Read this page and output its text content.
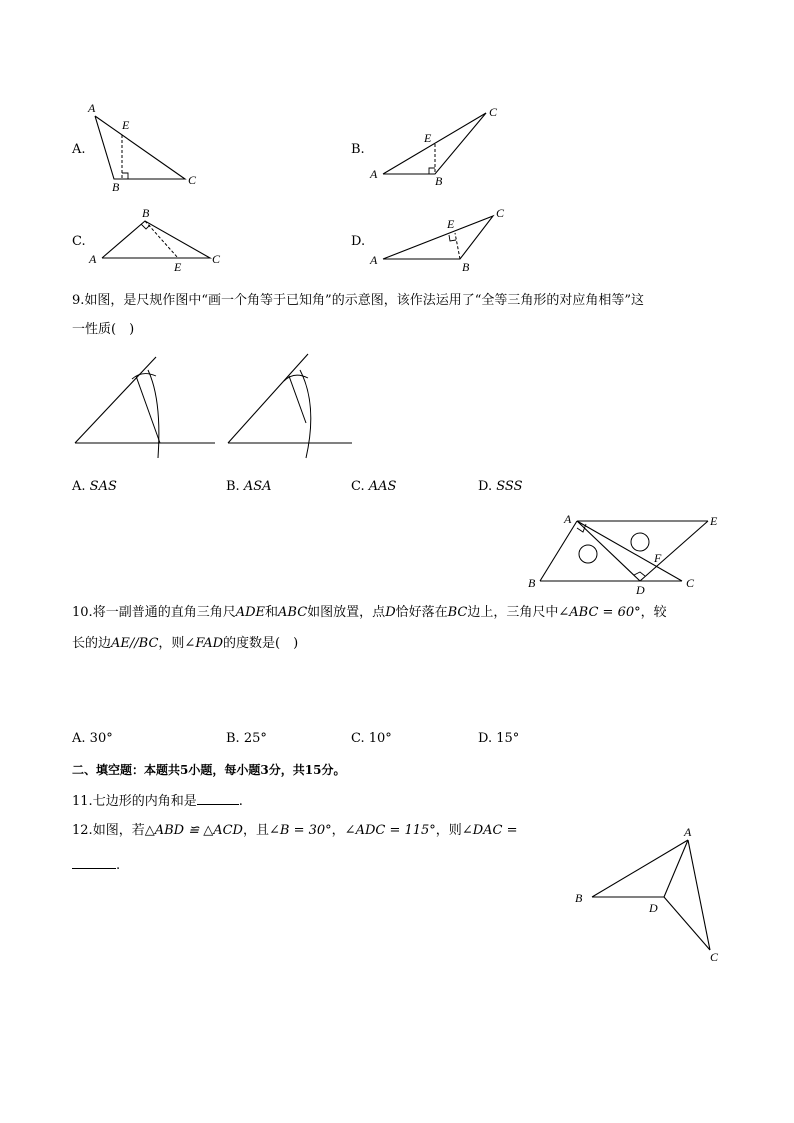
A.
A
E
B	C
B.
A
E
B
C
C.
A
B
E
C
D.
A
E
B
C
9.如图，是尺规作图中“画一个角等于已知角”的示意图，该作法运用了“全等三角形的对应角相等”这
一性质(　)
A. SAS	B. ASA	C. AAS	D. SSS
A	E
F
B	D	C
10.将一副普通的直角三角尺ADE和ABC如图放置，点D恰好落在BC边上，三角尺中∠ABC = 60°，较
长的边AE//BC，则∠FAD的度数是(　)
A. 30°	B. 25°	C. 10°	D. 15°
二、填空题：本题共5小题，每小题3分，共15分。
11.七边形的内角和是	.
12.如图，若△ABD ≌ △ACD，且∠B = 30°，∠ADC = 115°，则∠DAC =
.
A
B
D
C
